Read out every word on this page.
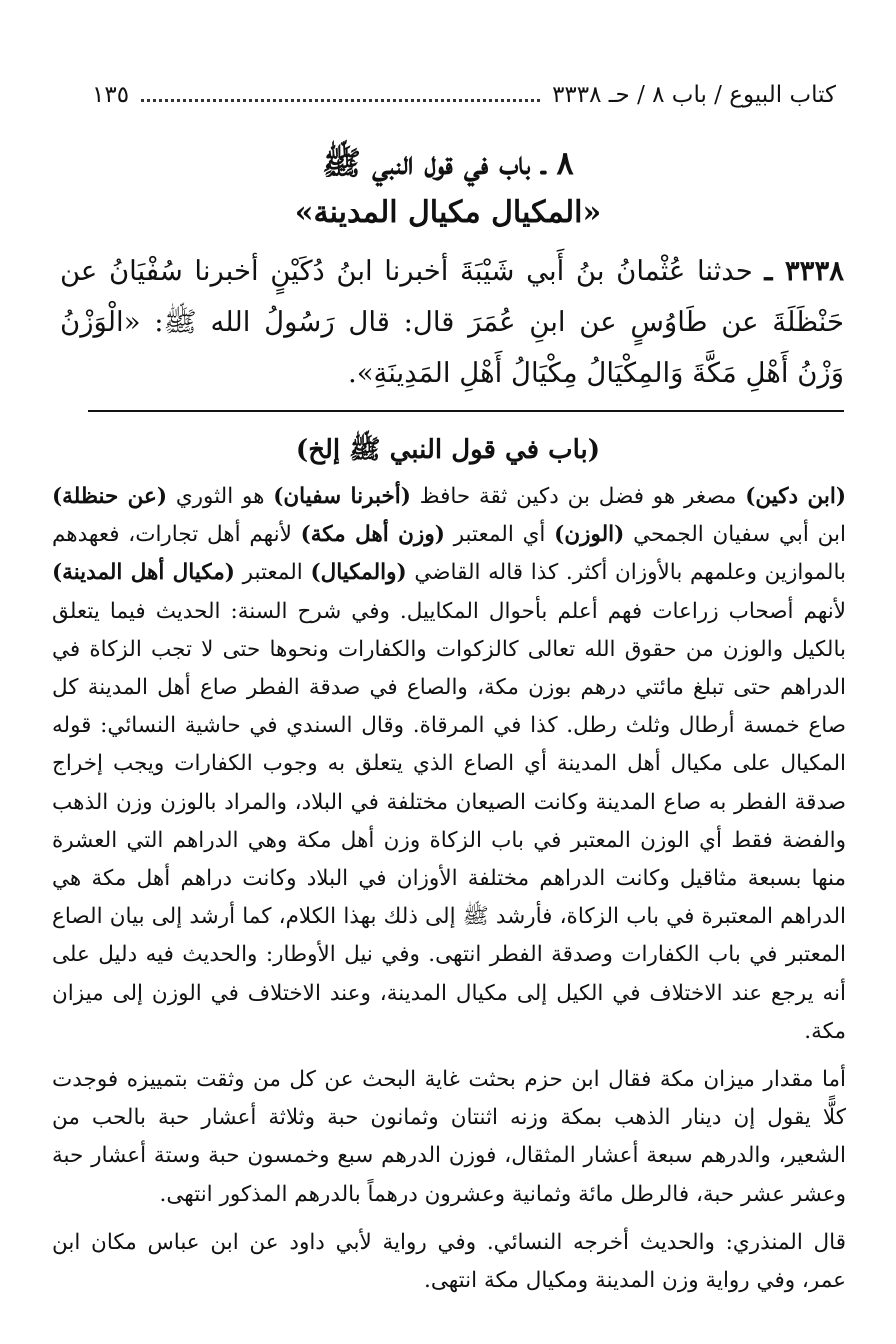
كتاب البيوع / باب ٨ / حـ ٣٣٣٨
١٣٥
٨ ـ باب في قول النبي ﷺ
«المكيال مكيال المدينة»
٣٣٣٨ ـ حدثنا عُثْمانُ بنُ أَبي شَيْبَةَ أخبرنا ابنُ دُكَيْنٍ أخبرنا سُفْيَانُ عن حَنْظَلَةَ عن طَاوُسٍ عن ابنِ عُمَرَ قال: قال رَسُولُ الله ﷺ: «الْوَزْنُ وَزْنُ أَهْلِ مَكَّةَ وَالمِكْيَالُ مِكْيَالُ أَهْلِ المَدِينَةِ».
(باب في قول النبي ﷺ إلخ)

(ابن دكين) مصغر هو فضل بن دكين ثقة حافظ (أخبرنا سفيان) هو الثوري (عن حنظلة) ابن أبي سفيان الجمحي (الوزن) أي المعتبر (وزن أهل مكة) لأنهم أهل تجارات، فعهدهم بالموازين وعلمهم بالأوزان أكثر. كذا قاله القاضي (والمكيال) المعتبر (مكيال أهل المدينة) لأنهم أصحاب زراعات فهم أعلم بأحوال المكاييل. وفي شرح السنة: الحديث فيما يتعلق بالكيل والوزن من حقوق الله تعالى كالزكوات والكفارات ونحوها حتى لا تجب الزكاة في الدراهم حتى تبلغ مائتي درهم بوزن مكة، والصاع في صدقة الفطر صاع أهل المدينة كل صاع خمسة أرطال وثلث رطل. كذا في المرقاة. وقال السندي في حاشية النسائي: قوله المكيال على مكيال أهل المدينة أي الصاع الذي يتعلق به وجوب الكفارات ويجب إخراج صدقة الفطر به صاع المدينة وكانت الصيعان مختلفة في البلاد، والمراد بالوزن وزن الذهب والفضة فقط أي الوزن المعتبر في باب الزكاة وزن أهل مكة وهي الدراهم التي العشرة منها بسبعة مثاقيل وكانت الدراهم مختلفة الأوزان في البلاد وكانت دراهم أهل مكة هي الدراهم المعتبرة في باب الزكاة، فأرشد ﷺ إلى ذلك بهذا الكلام، كما أرشد إلى بيان الصاع المعتبر في باب الكفارات وصدقة الفطر انتهى. وفي نيل الأوطار: والحديث فيه دليل على أنه يرجع عند الاختلاف في الكيل إلى مكيال المدينة، وعند الاختلاف في الوزن إلى ميزان مكة.

أما مقدار ميزان مكة فقال ابن حزم بحثت غاية البحث عن كل من وثقت بتمييزه فوجدت كلًّا يقول إن دينار الذهب بمكة وزنه اثنتان وثمانون حبة وثلاثة أعشار حبة بالحب من الشعير، والدرهم سبعة أعشار المثقال، فوزن الدرهم سبع وخمسون حبة وستة أعشار حبة وعشر عشر حبة، فالرطل مائة وثمانية وعشرون درهماً بالدرهم المذكور انتهى.

قال المنذري: والحديث أخرجه النسائي. وفي رواية لأبي داود عن ابن عباس مكان ابن عمر، وفي رواية وزن المدينة ومكيال مكة انتهى.
